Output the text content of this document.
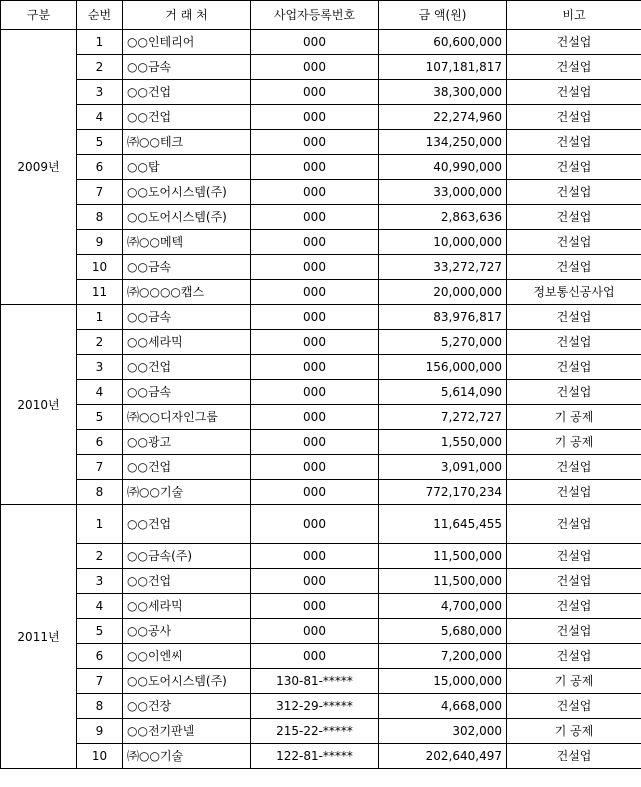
구분	순번	거 래 처	사업자등록번호	금 액(원)	비고
2009년	1	○○인테리어	000	60,600,000	건설업
	2	○○금속	000	107,181,817	건설업
	3	○○건업	000	38,300,000	건설업
	4	○○건업	000	22,274,960	건설업
	5	㈜○○테크	000	134,250,000	건설업
	6	○○탑	000	40,990,000	건설업
	7	○○도어시스템(주)	000	33,000,000	건설업
	8	○○도어시스템(주)	000	2,863,636	건설업
	9	㈜○○메텍	000	10,000,000	건설업
	10	○○금속	000	33,272,727	건설업
	11	㈜○○○○캡스	000	20,000,000	정보통신공사업
2010년	1	○○금속	000	83,976,817	건설업
	2	○○세라믹	000	5,270,000	건설업
	3	○○건업	000	156,000,000	건설업
	4	○○금속	000	5,614,090	건설업
	5	㈜○○디자인그룹	000	7,272,727	기 공제
	6	○○광고	000	1,550,000	기 공제
	7	○○건업	000	3,091,000	건설업
	8	㈜○○기술	000	772,170,234	건설업
2011년	1	○○건업	000	11,645,455	건설업
	2	○○금속(주)	000	11,500,000	건설업
	3	○○건업	000	11,500,000	건설업
	4	○○세라믹	000	4,700,000	건설업
	5	○○공사	000	5,680,000	건설업
	6	○○이엔씨	000	7,200,000	건설업
	7	○○도어시스템(주)	130-81-*****	15,000,000	기 공제
	8	○○건장	312-29-*****	4,668,000	건설업
	9	○○전기판넬	215-22-*****	302,000	기 공제
	10	㈜○○기술	122-81-*****	202,640,497	건설업
